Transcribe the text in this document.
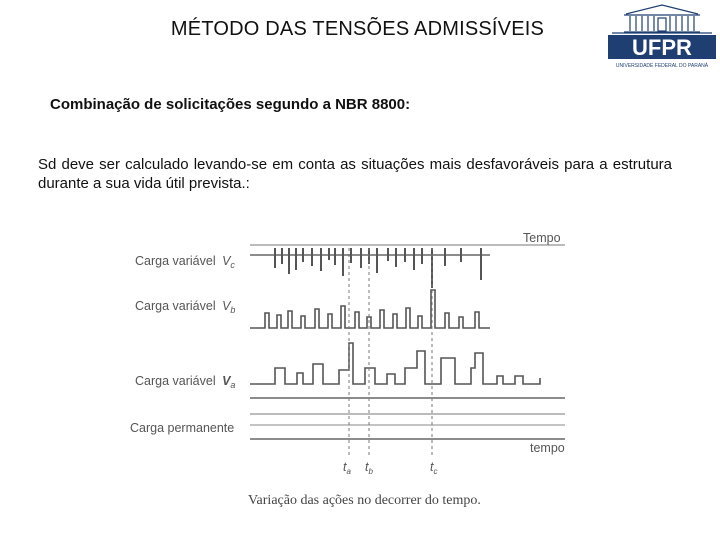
MÉTODO DAS TENSÕES ADMISSÍVEIS
UFPR
UNIVERSIDADE FEDERAL DO PARANÁ
Combinação de solicitações segundo a NBR 8800:
Sd deve ser calculado levando-se em conta as situações mais desfavoráveis para a estrutura durante a sua vida útil prevista.:
Carga variável $V_c$
Carga variável $V_b$
Carga variável $V_a$
Carga permanente
Tempo
tempo
$t_a$ $t_b$	$t_c$
Variação das ações no decorrer do tempo.
